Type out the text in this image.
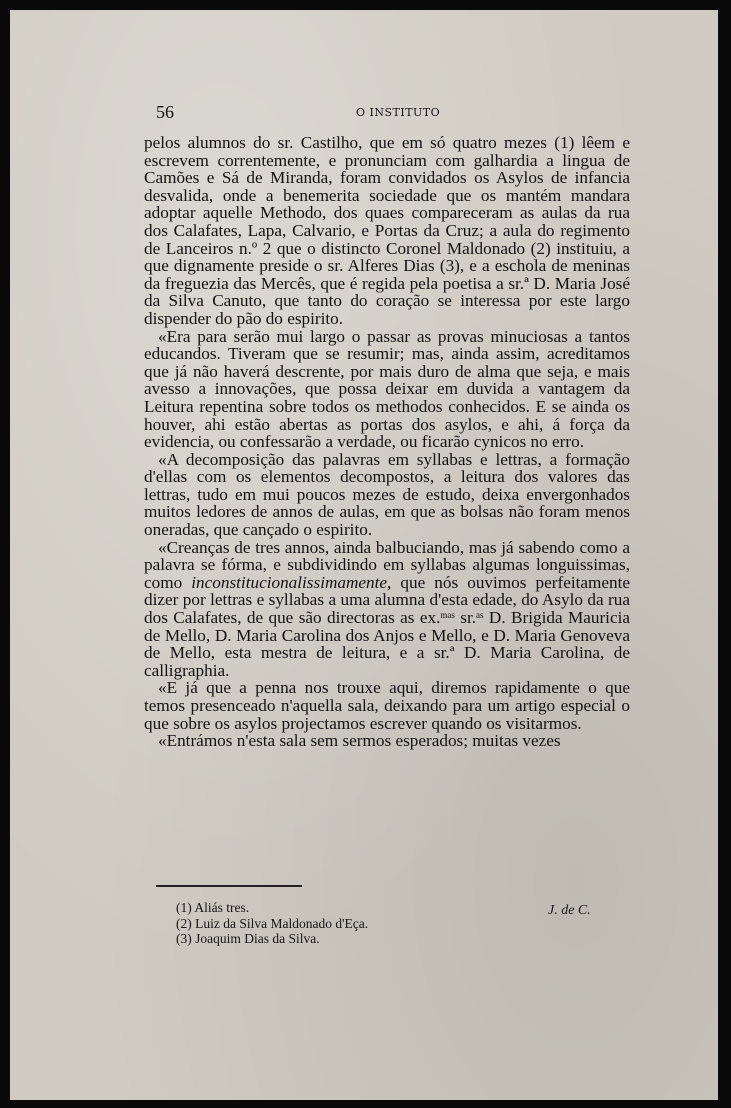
56	O INSTITUTO

pelos alumnos do sr. Castilho, que em só quatro mezes (1) lêem e escrevem correntemente, e pronunciam com galhardia a lingua de Camões e Sá de Miranda, foram convidados os Asylos de infancia desvalida, onde a benemerita sociedade que os mantém mandara adoptar aquelle Methodo, dos quaes compareceram as aulas da rua dos Calafates, Lapa, Calvario, e Portas da Cruz; a aula do regimento de Lanceiros n.º 2 que o distincto Coronel Maldonado (2) instituiu, a que dignamente preside o sr. Alferes Dias (3), e a eschola de meninas da freguezia das Mercês, que é regida pela poetisa a sr.ª D. Maria José da Silva Canuto, que tanto do coração se interessa por este largo dispender do pão do espirito.

«Era para serão mui largo o passar as provas minuciosas a tantos educandos. Tiveram que se resumir; mas, ainda assim, acreditamos que já não haverá descrente, por mais duro de alma que seja, e mais avesso a innovações, que possa deixar em duvida a vantagem da Leitura repentina sobre todos os methodos conhecidos. E se ainda os houver, ahi estão abertas as portas dos asylos, e ahi, á força da evidencia, ou confessarão a verdade, ou ficarão cynicos no erro.

«A decomposição das palavras em syllabas e lettras, a formação d'ellas com os elementos decompostos, a leitura dos valores das lettras, tudo em mui poucos mezes de estudo, deixa envergonhados muitos ledores de annos de aulas, em que as bolsas não foram menos oneradas, que cançado o espirito.

«Creanças de tres annos, ainda balbuciando, mas já sabendo como a palavra se fórma, e subdividindo em syllabas algumas longuissimas, como inconstitucionalissimamente, que nós ouvimos perfeitamente dizer por lettras e syllabas a uma alumna d'esta edade, do Asylo da rua dos Calafates, de que são directoras as ex.$^{mas}$ sr.$^{as}$ D. Brigida Mauricia de Mello, D. Maria Carolina dos Anjos e Mello, e D. Maria Genoveva de Mello, esta mestra de leitura, e a sr.ª D. Maria Carolina, de calligraphia.

«E já que a penna nos trouxe aqui, diremos rapidamente o que temos presenceado n'aquella sala, deixando para um artigo especial o que sobre os asylos projectamos escrever quando os visitarmos.

«Entrámos n'esta sala sem sermos esperados; muitas vezes

(1) Aliás tres.
(2) Luiz da Silva Maldonado d'Eça.
(3) Joaquim Dias da Silva.
J. de C.
